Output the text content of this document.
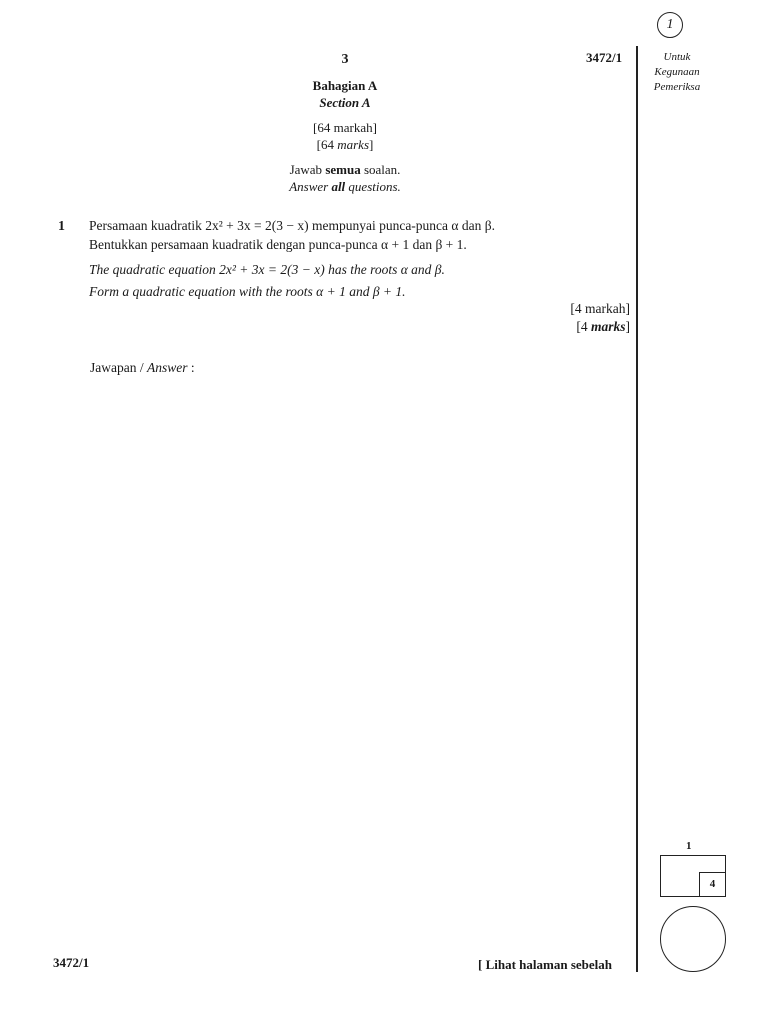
1
3	3472/1	Untuk
Kegunaan
Pemeriksa
Bahagian A
Section A
[64 markah]
[64 marks]
Jawab semua soalan.
Answer all questions.
1 Persamaan kuadratik 2x² + 3x = 2(3 − x) mempunyai punca-punca α dan β.
Bentukkan persamaan kuadratik dengan punca-punca α + 1 dan β + 1.
The quadratic equation 2x² + 3x = 2(3 − x) has the roots α and β.
Form a quadratic equation with the roots α + 1 and β + 1.
[4 markah]
[4 marks]
Jawapan / Answer :
1
4
3472/1	[ Lihat halaman sebelah
